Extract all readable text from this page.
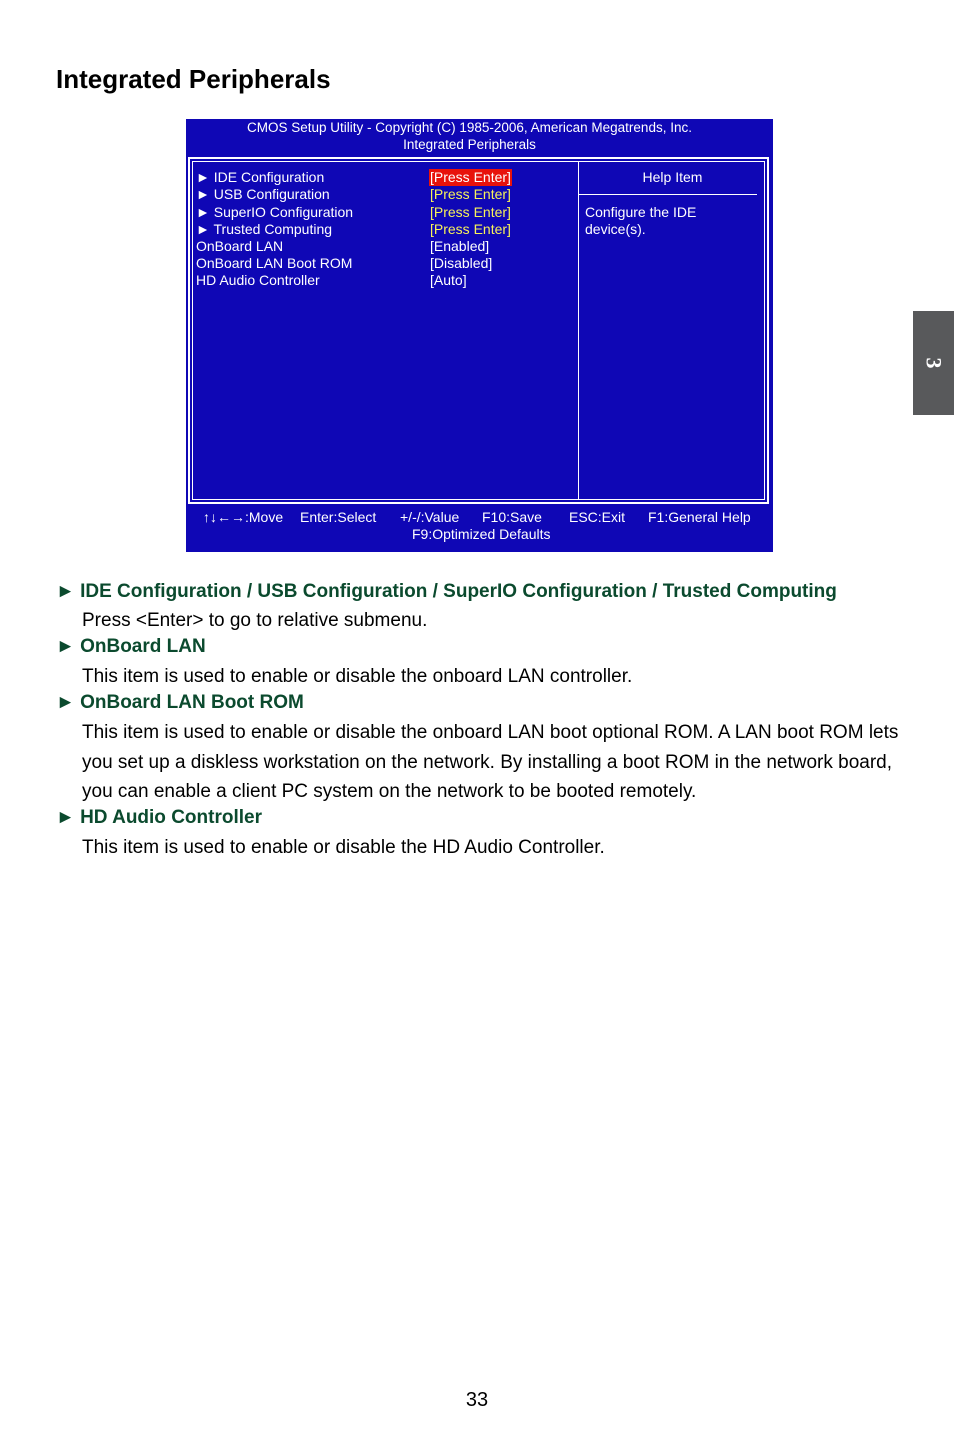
Integrated Peripherals
3
CMOS Setup Utility - Copyright (C) 1985-2006, American Megatrends, Inc.
Integrated Peripherals
► IDE Configuration	[Press Enter]
► USB Configuration	[Press Enter]
► SuperIO Configuration	[Press Enter]
► Trusted Computing	[Press Enter]
OnBoard LAN	[Enabled]
OnBoard LAN Boot ROM	[Disabled]
HD Audio Controller	[Auto]
Help Item
Configure the IDE device(s).
↑↓←→:Move Enter:Select +/-/:Value F10:Save ESC:Exit F1:General Help
F9:Optimized Defaults
► IDE Configuration / USB Configuration / SuperIO Configuration / Trusted Computing

Press <Enter> to go to relative submenu.

► OnBoard LAN

This item is used to enable or disable the onboard LAN controller.

► OnBoard LAN Boot ROM

This item is used to enable or disable the onboard LAN boot optional ROM. A LAN boot ROM lets you set up a diskless workstation on the network. By installing a boot ROM in the network board, you can enable a client PC system on the network to be booted remotely.

► HD Audio Controller

This item is used to enable or disable the HD Audio Controller.

33
